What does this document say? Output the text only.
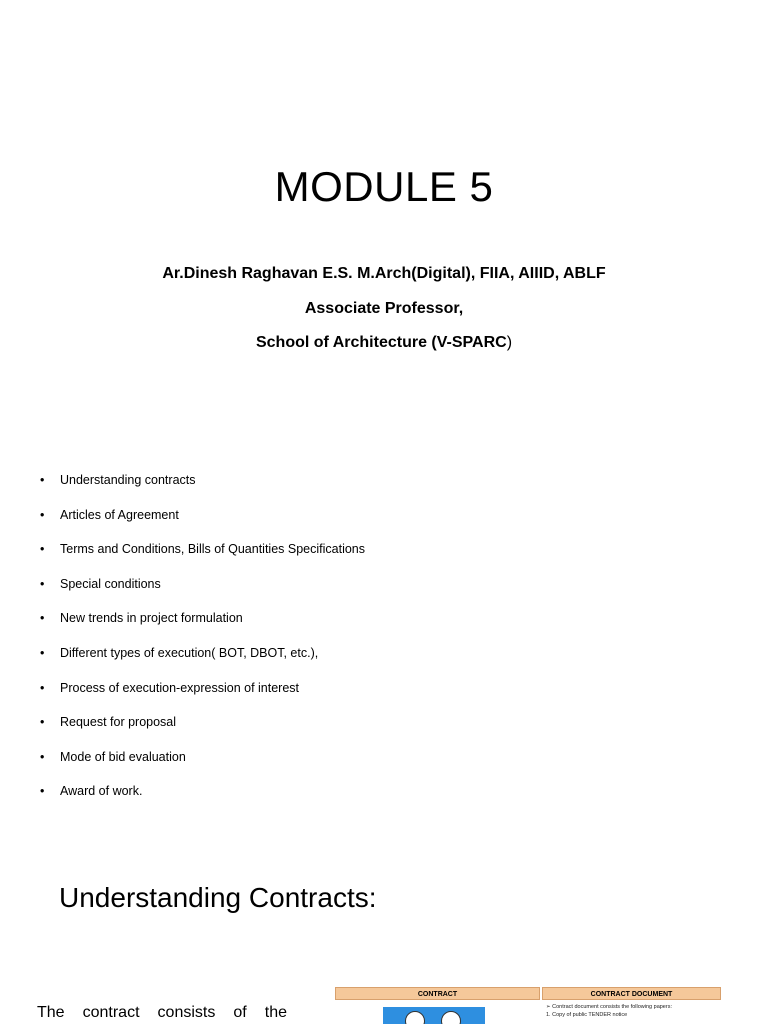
MODULE 5
Ar.Dinesh Raghavan E.S. M.Arch(Digital), FIIA, AIIID, ABLF
Associate Professor,
School of Architecture (V-SPARC)
• Understanding contracts
• Articles of Agreement
• Terms and Conditions, Bills of Quantities Specifications
• Special conditions
• New trends in project formulation
• Different types of execution( BOT, DBOT, etc.),
• Process of execution-expression of interest
• Request for proposal
• Mode of bid evaluation
• Award of work.
Understanding Contracts:
The contract consists of the
CONTRACT	CONTRACT DOCUMENT
➢ Contract document consists the following papers:
1. Copy of public TENDER notice
